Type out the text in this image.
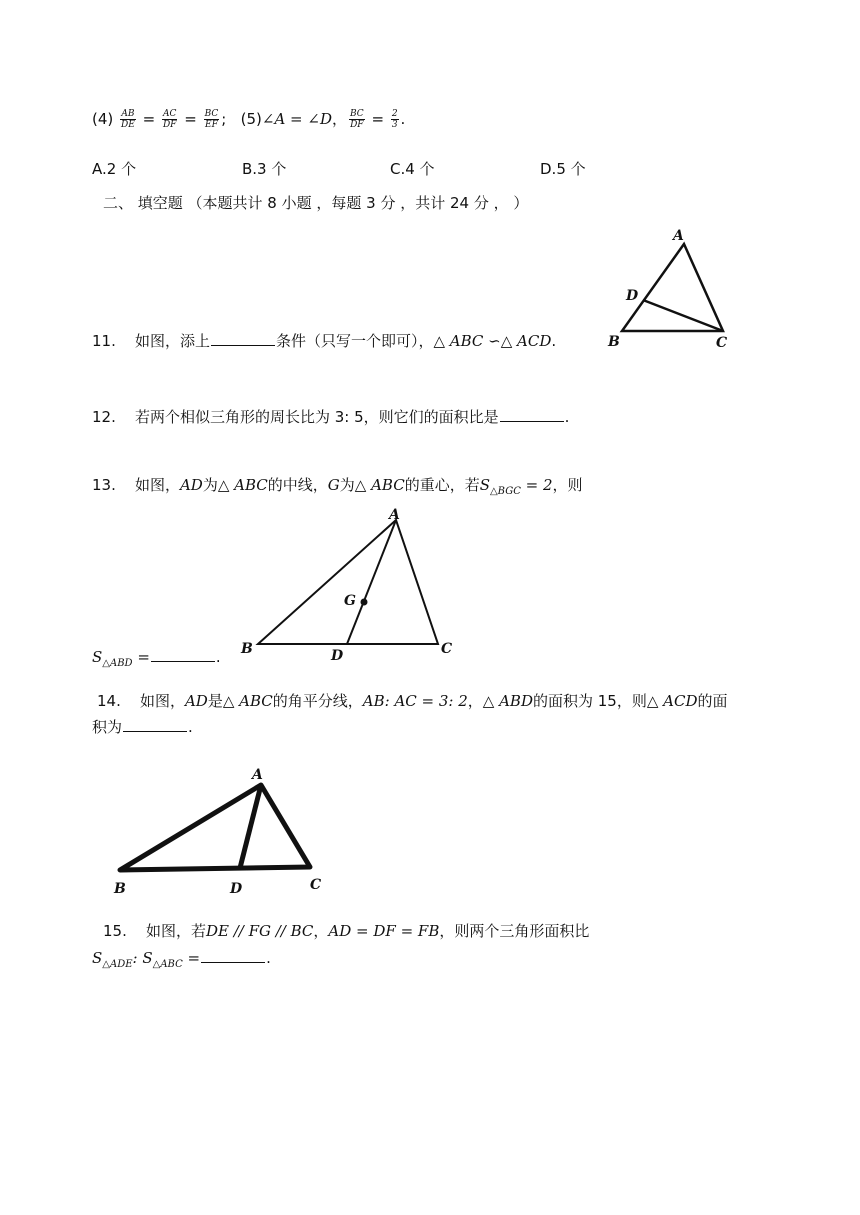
$(4) \frac{AB}{DE} = \frac{AC}{DF} = \frac{BC}{EF}$ ; (5)∠A = ∠D， $\frac{BC}{DF} = \frac{2}{3}$ .
A.2 个	B.3 个	C.4 个	D.5 个
二、 填空题 （本题共计 8 小题 ，每题 3 分 ，共计 24 分 ， ）
A
D
B	C
11. 如图，添上	条件（只写一个即可），△ ABC ∽△ ACD.
12. 若两个相似三角形的周长比为 3: 5，则它们的面积比是	.
13. 如图，AD为△ ABC的中线，G为△ ABC的重心，若$S_{\triangle BGC} = 2$，则
A
G
B	D	C
$S_{\triangle ABD}$ =	.
14. 如图，AD是△ ABC的角平分线，AB: AC = 3: 2，△ ABD的面积为 15，则△ ACD的面
积为	.
A
B	D	C
15. 如图，若DE // FG // BC，AD = DF = FB，则两个三角形面积比
$S_{\triangle ADE}$: $S_{\triangle ABC}$ =	.
